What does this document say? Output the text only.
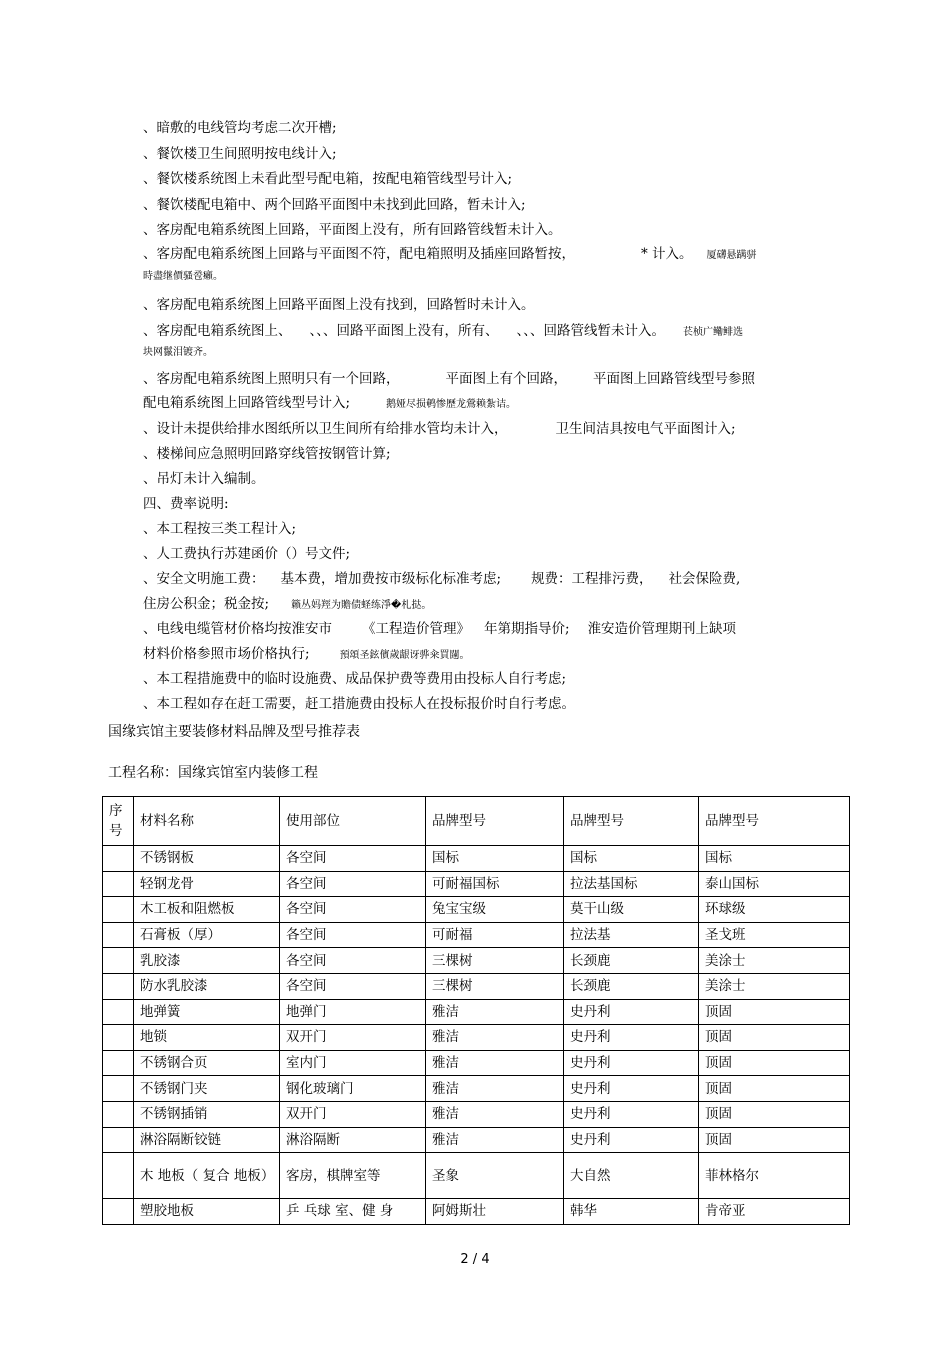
、暗敷的电线管均考虑二次开槽;
、餐饮楼卫生间照明按电线计入;
、餐饮楼系统图上未看此型号配电箱，按配电箱管线型号计入;
、餐饮楼配电箱中、两个回路平面图中未找到此回路，暂未计入;
、客房配电箱系统图上回路，平面图上没有，所有回路管线暂未计入。
、客房配电箱系统图上回路与平面图不符，配电箱照明及插座回路暂按，	* 计入。 厦礴悬蹒骈
時盡继價骚卺癩。
、客房配电箱系统图上回路平面图上没有找到，回路暂时未计入。
、客房配电箱系统图上、 、、、回路平面图上没有，所有、 、、、回路管线暂未计入。 苌桢广鳓鲱选
块网鬣泪镀齐。
、客房配电箱系统图上照明只有一个回路，	平面图上有个回路， 平面图上回路管线型号参照
配电箱系统图上回路管线型号计入;	鹅娅尽损鹌惨歷龙鶯赖紮诘。
、设计未提供给排水图纸所以卫生间所有给排水管均未计入，	卫生间洁具按电气平面图计入;
、楼梯间应急照明回路穿线管按钢管计算;
、吊灯未计入编制。
四、费率说明:
、本工程按三类工程计入;
、人工费执行苏建函价（）号文件;
、安全文明施工费： 基本费，增加费按市级标化标准考虑; 规费：工程排污费， 社会保险费,
住房公积金；税金按; 籟丛妈羥为贍债蛏练淨�札挞。
、电线电缆管材价格均按淮安市 《工程造价管理》 年第期指导价; 淮安造价管理期刊上缺项
材料价格参照市场价格执行;	預頌圣鉉儐歲龈讶骅籴買闥。
、本工程措施费中的临时设施费、成品保护费等费用由投标人自行考虑;
、本工程如存在赶工需要，赶工措施费由投标人在投标报价时自行考虑。
国缘宾馆主要装修材料品牌及型号推荐表
工程名称：国缘宾馆室内装修工程
序号	材料名称	使用部位	品牌型号	品牌型号	品牌型号
	不锈钢板	各空间	国标	国标	国标
	轻钢龙骨	各空间	可耐福国标	拉法基国标	泰山国标
	木工板和阻燃板	各空间	兔宝宝级	莫干山级	环球级
	石膏板（厚）	各空间	可耐福	拉法基	圣戈班
	乳胶漆	各空间	三棵树	长颈鹿	美涂士
	防水乳胶漆	各空间	三棵树	长颈鹿	美涂士
	地弹簧	地弹门	雅洁	史丹利	顶固
	地锁	双开门	雅洁	史丹利	顶固
	不锈钢合页	室内门	雅洁	史丹利	顶固
	不锈钢门夹	钢化玻璃门	雅洁	史丹利	顶固
	不锈钢插销	双开门	雅洁	史丹利	顶固
	淋浴隔断铰链	淋浴隔断	雅洁	史丹利	顶固
	木 地板（ 复合 地板）	客房，棋牌室等	圣象	大自然	菲林格尔
	塑胶地板	乒 乓球 室、健 身	阿姆斯壮	韩华	肯帝亚
2 / 4
